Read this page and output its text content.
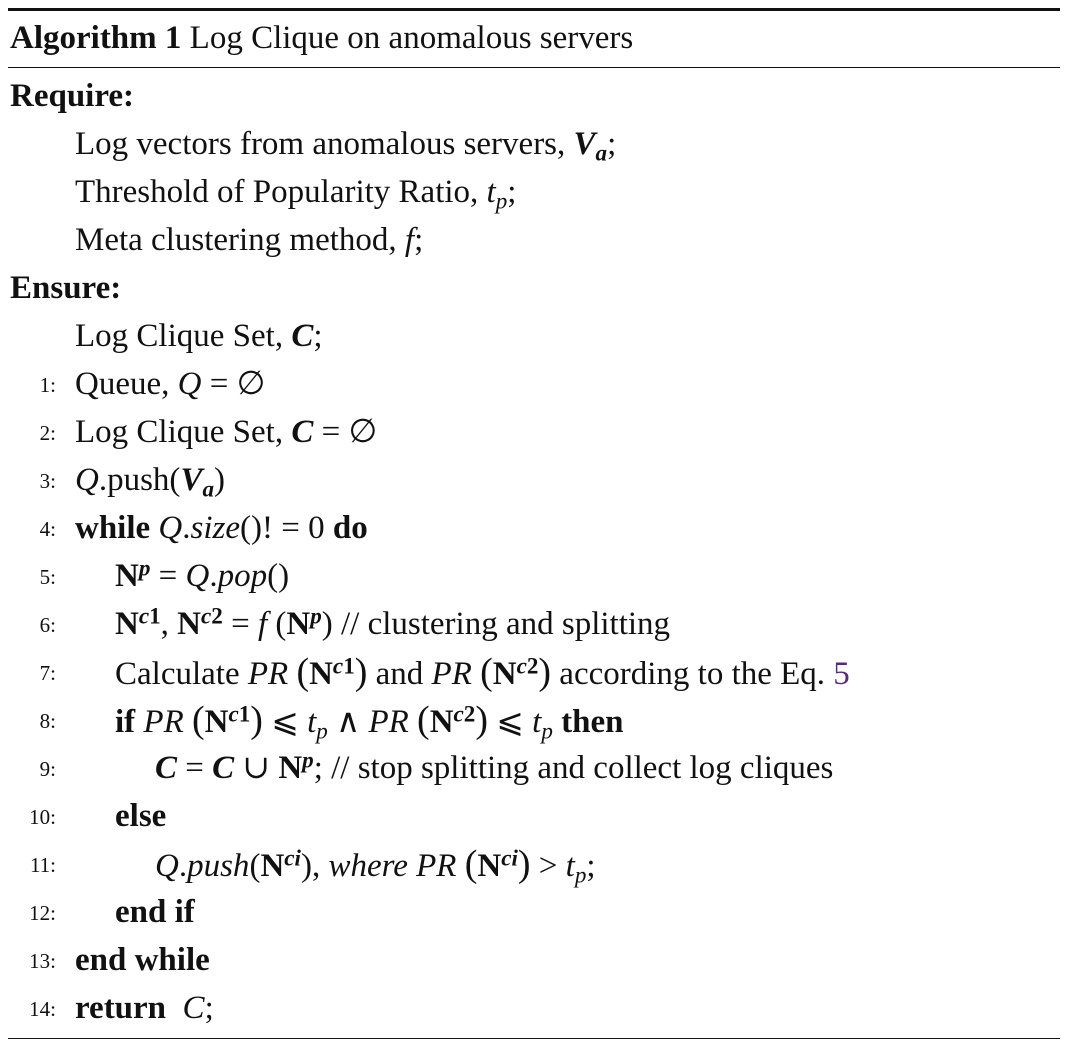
Algorithm 1 Log Clique on anomalous servers
Require:
Log vectors from anomalous servers, $V_a$;
Threshold of Popularity Ratio, $t_p$;
Meta clustering method, f;
Ensure:
Log Clique Set, C;
1: Queue, Q = ∅
2: Log Clique Set, C = ∅
3: $Q.push(V_a)$
4: while Q.size()! = 0 do
5: $N^p = Q.pop()$
6: $N^{c1}$, $N^{c2} = f$ $(N^p)$ // clustering and splitting
7: Calculate PR $(N^{c1})$ and PR $(N^{c2})$ according to the Eq. 5
8: if PR $(N^{c1})$ ⩽ $t_p$ ∧ PR $(N^{c2})$ ⩽ $t_p$ then
9:	C = C ∪ $N^p$; // stop splitting and collect log cliques
10: else
11:	$Q.push(N^{ci})$, where PR $(N^{ci}) > t_p$;
12: end if
13: end while
14: return C;
